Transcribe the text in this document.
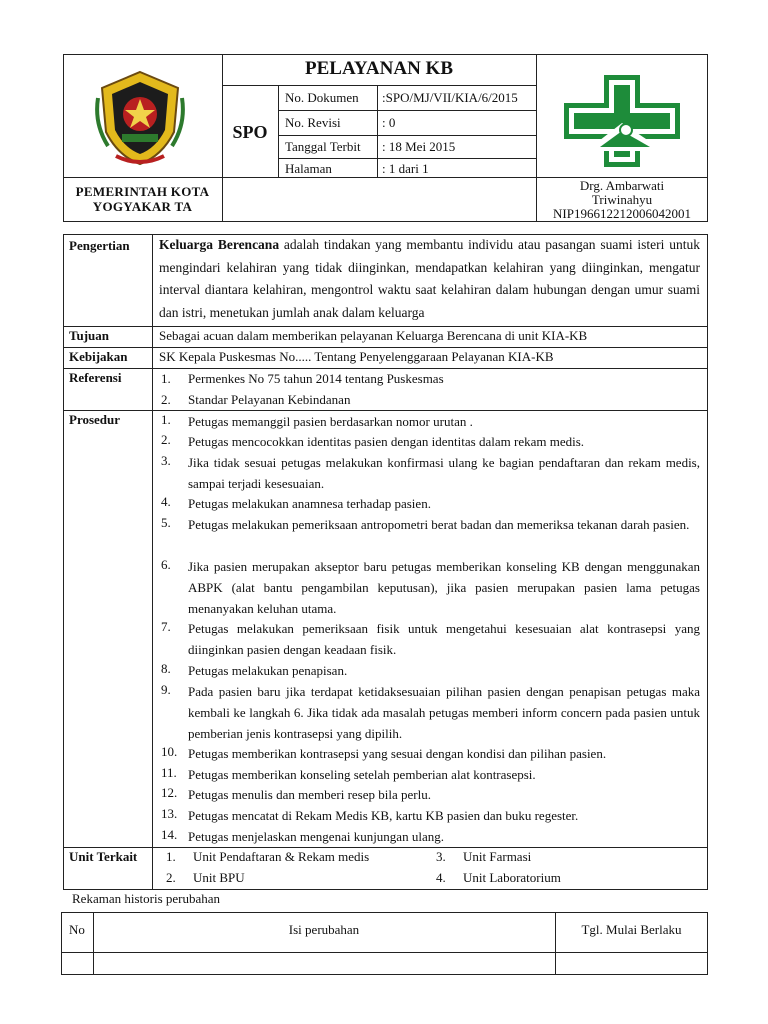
PELAYANAN KB
SPO
No. Dokumen :SPO/MJ/VII/KIA/6/2015
No. Revisi	: 0
Tanggal Terbit : 18 Mei 2015
Halaman	: 1 dari 1
PEMERINTAH KOTA
YOGYAKAR TA
Drg. Ambarwati
Triwinahyu
NIP196612212006042001
Pengertian Keluarga Berencana adalah tindakan yang membantu individu atau pasangan suami isteri untuk mengindari kelahiran yang tidak diinginkan, mendapatkan kelahiran yang diinginkan, mengatur interval diantara kelahiran, mengontrol waktu saat kelahiran dalam hubungan dengan umur suami dan istri, menetukan jumlah anak dalam keluarga
Tujuan	Sebagai acuan dalam memberikan pelayanan Keluarga Berencana di unit KIA-KB
Kebijakan SK Kepala Puskesmas No..... Tentang Penyelenggaraan Pelayanan KIA-KB
Referensi	1. Permenkes No 75 tahun 2014 tentang Puskesmas
2. Standar Pelayanan Kebindanan
Prosedur	1. Petugas memanggil pasien berdasarkan nomor urutan .
2. Petugas mencocokkan identitas pasien dengan identitas dalam rekam medis.
3. Jika tidak sesuai petugas melakukan konfirmasi ulang ke bagian pendaftaran dan rekam medis, sampai terjadi kesesuaian.
4. Petugas melakukan anamnesa terhadap pasien.
5. Petugas melakukan pemeriksaan antropometri berat badan dan memeriksa tekanan darah pasien.
6. Jika pasien merupakan akseptor baru petugas memberikan konseling KB dengan menggunakan ABPK (alat bantu pengambilan keputusan), jika pasien merupakan pasien lama petugas menanyakan keluhan utama.
7. Petugas melakukan pemeriksaan fisik untuk mengetahui kesesuaian alat kontrasepsi yang diinginkan pasien dengan keadaan fisik.
8. Petugas melakukan penapisan.
9. Pada pasien baru jika terdapat ketidaksesuaian pilihan pasien dengan penapisan petugas maka kembali ke langkah 6. Jika tidak ada masalah petugas memberi inform concern pada pasien untuk pemberian jenis kontrasepsi yang dipilih.
10. Petugas memberikan kontrasepsi yang sesuai dengan kondisi dan pilihan pasien.
11. Petugas memberikan konseling setelah pemberian alat kontrasepsi.
12. Petugas menulis dan memberi resep bila perlu.
13. Petugas mencatat di Rekam Medis KB, kartu KB pasien dan buku regester.
14. Petugas menjelaskan mengenai kunjungan ulang.
Unit Terkait 1. Unit Pendaftaran & Rekam medis
2. Unit BPU
3. Unit Farmasi
4. Unit Laboratorium
Rekaman historis perubahan
No	Isi perubahan	Tgl. Mulai Berlaku
